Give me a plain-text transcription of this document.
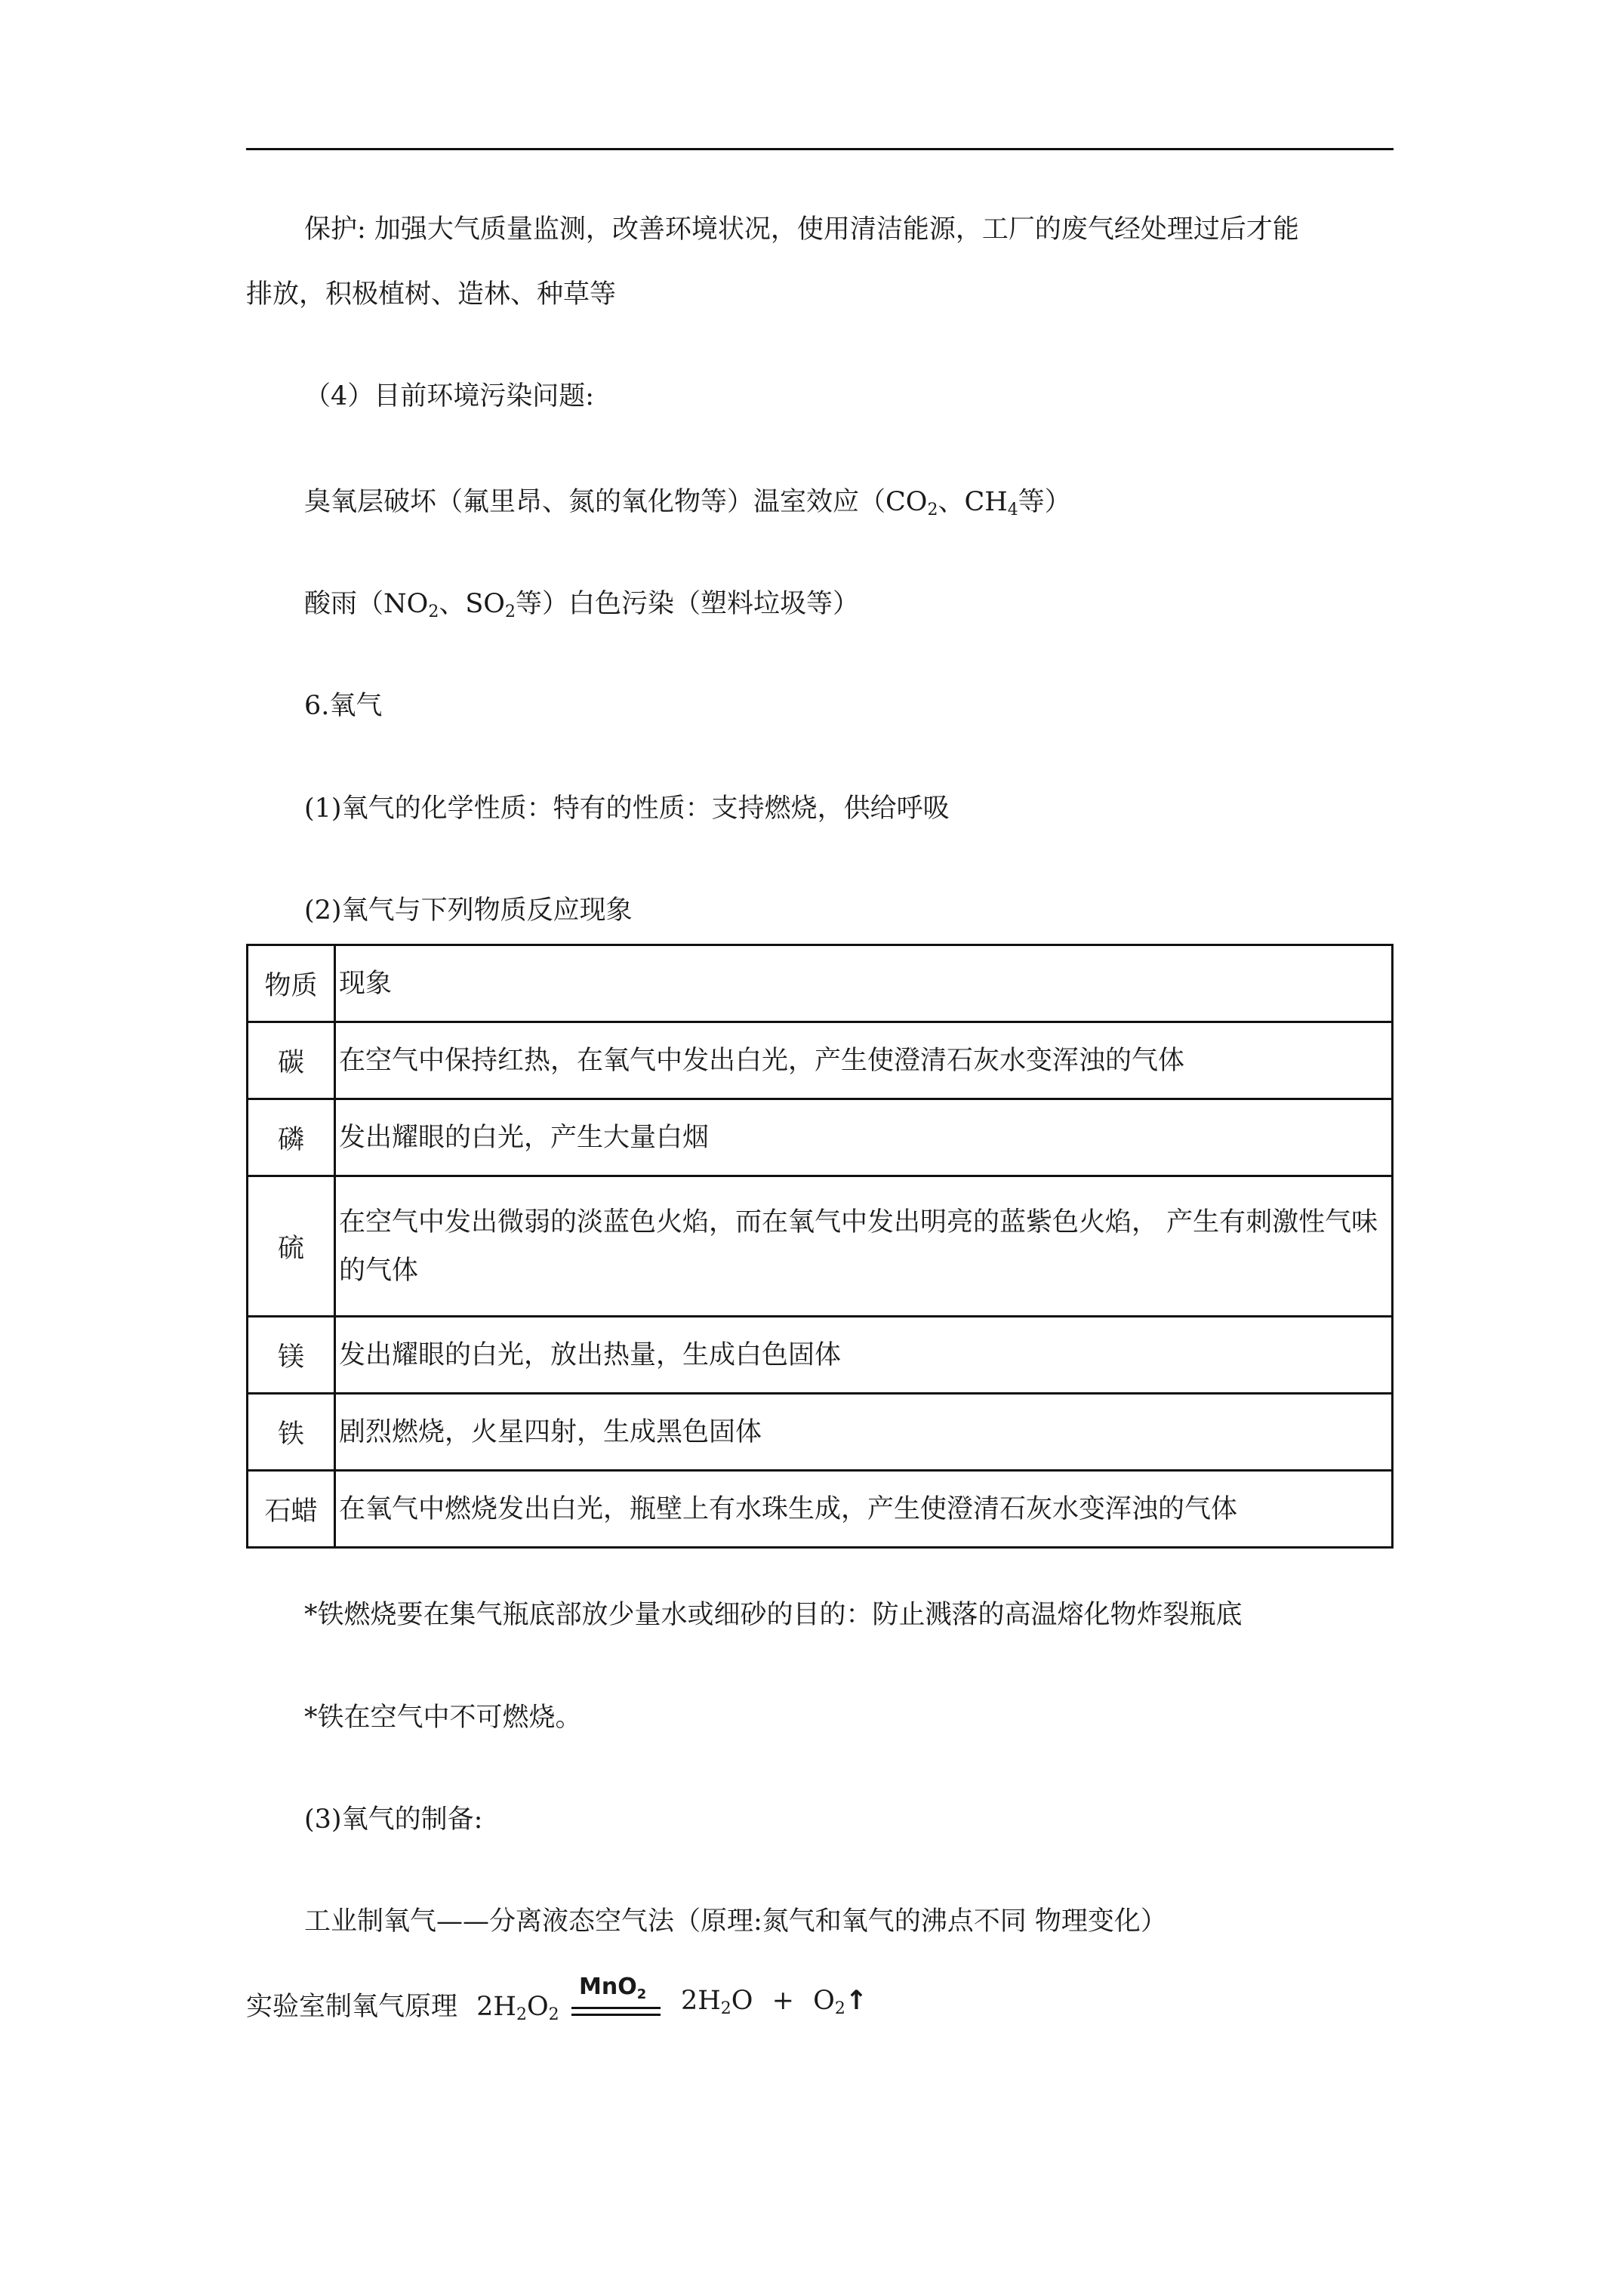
保护: 加强大气质量监测，改善环境状况，使用清洁能源，工厂的废气经处理过后才能
排放，积极植树、造林、种草等
（4）目前环境污染问题:
臭氧层破坏（氟里昂、氮的氧化物等）温室效应（$CO_2$、$CH_4$等）
酸雨（$NO_2$、$SO_2$等）白色污染（塑料垃圾等）
6.氧气
(1)氧气的化学性质：特有的性质：支持燃烧，供给呼吸
(2)氧气与下列物质反应现象
物质	现象
碳	在空气中保持红热，在氧气中发出白光，产生使澄清石灰水变浑浊的气体
磷	发出耀眼的白光，产生大量白烟
硫	在空气中发出微弱的淡蓝色火焰，而在氧气中发出明亮的蓝紫色火焰， 产生有刺激性气味的气体
镁	发出耀眼的白光，放出热量，生成白色固体
铁	剧烈燃烧，火星四射，生成黑色固体
石蜡	在氧气中燃烧发出白光，瓶壁上有水珠生成，产生使澄清石灰水变浑浊的气体
*铁燃烧要在集气瓶底部放少量水或细砂的目的：防止溅落的高温熔化物炸裂瓶底
*铁在空气中不可燃烧。
(3)氧气的制备:
工业制氧气——分离液态空气法（原理:氮气和氧气的沸点不同 物理变化）
实验室制氧气原理 $2H_2O_2$
MnO$_2$ $2H_2O$ + $O_2↑$
